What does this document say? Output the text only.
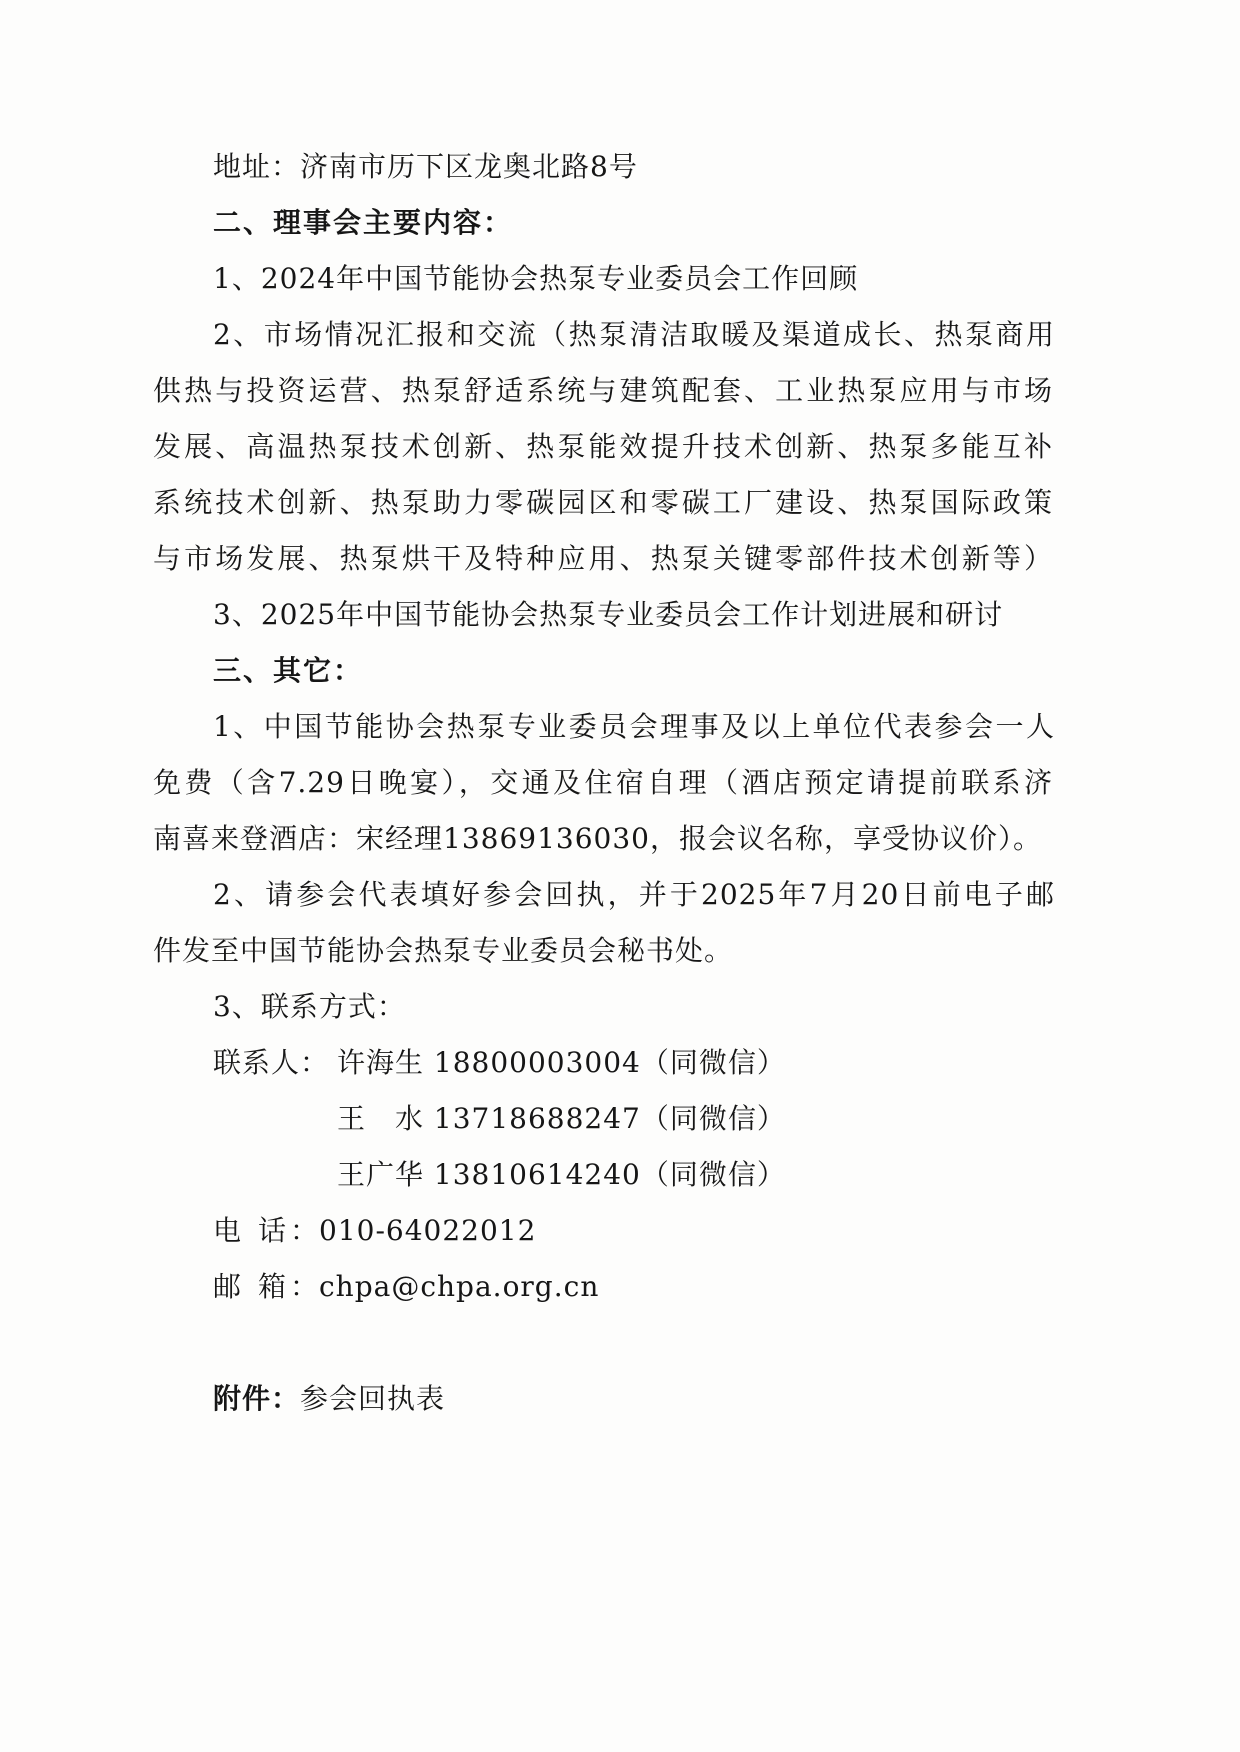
地址：济南市历下区龙奥北路8号
二、理事会主要内容：
1、2024年中国节能协会热泵专业委员会工作回顾
2、市场情况汇报和交流（热泵清洁取暖及渠道成长、热泵商用
供热与投资运营、热泵舒适系统与建筑配套、工业热泵应用与市场
发展、高温热泵技术创新、热泵能效提升技术创新、热泵多能互补
系统技术创新、热泵助力零碳园区和零碳工厂建设、热泵国际政策
与市场发展、热泵烘干及特种应用、热泵关键零部件技术创新等）
3、2025年中国节能协会热泵专业委员会工作计划进展和研讨
三、其它：
1、中国节能协会热泵专业委员会理事及以上单位代表参会一人
免费（含7.29日晚宴），交通及住宿自理（酒店预定请提前联系济
南喜来登酒店：宋经理13869136030，报会议名称，享受协议价）。
2、请参会代表填好参会回执，并于2025年7月20日前电子邮
件发至中国节能协会热泵专业委员会秘书处。
3、联系方式：
联系人： 许海生 18800003004（同微信）
王　水 13718688247（同微信）
王广华 13810614240（同微信）
电 话：010-64022012
邮 箱：chpa@chpa.org.cn
附件：参会回执表
